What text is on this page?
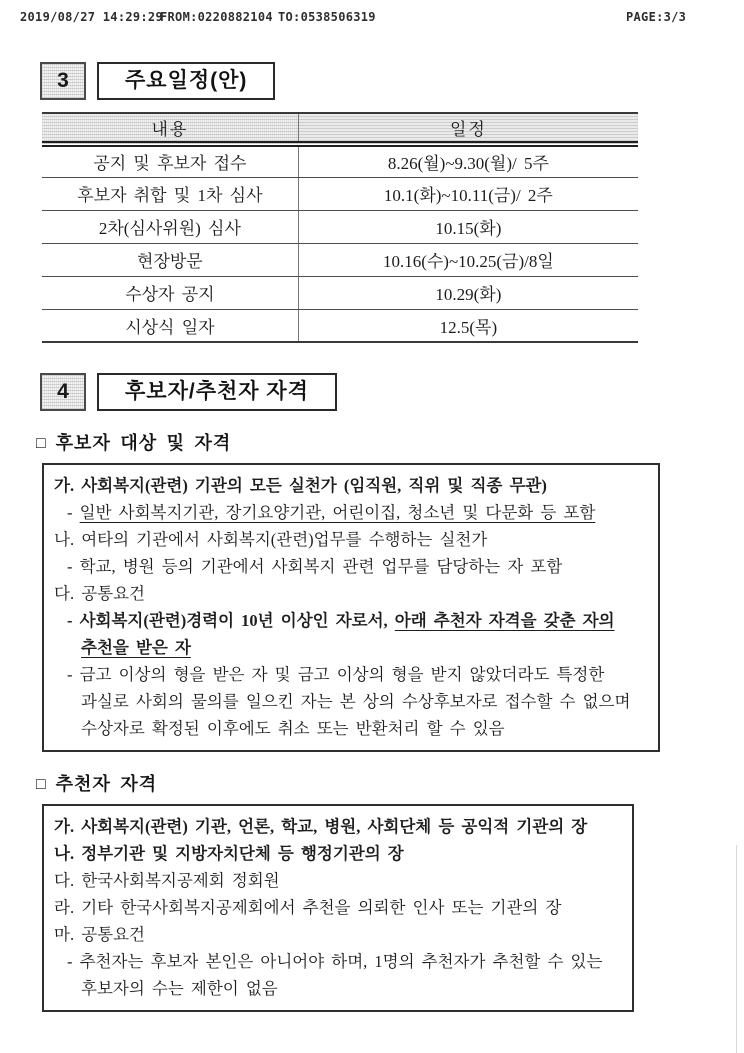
2019/08/27 14:29:29
FROM:0220882104 TO:0538506319	PAGE:3/3
3	주요일정(안)
내용	일정
공지 및 후보자 접수	8.26(월)~9.30(월)/ 5주
후보자 취합 및 1차 심사	10.1(화)~10.11(금)/ 2주
2차(심사위원) 심사	10.15(화)
현장방문	10.16(수)~10.25(금)/8일
수상자 공지	10.29(화)
시상식 일자	12.5(목)
4	후보자/추천자 자격
□ 후보자 대상 및 자격
가. 사회복지(관련) 기관의 모든 실천가 (임직원, 직위 및 직종 무관)
- 일반 사회복지기관, 장기요양기관, 어린이집, 청소년 및 다문화 등 포함
나. 여타의 기관에서 사회복지(관련)업무를 수행하는 실천가
- 학교, 병원 등의 기관에서 사회복지 관련 업무를 담당하는 자 포함
다. 공통요건
- 사회복지(관련)경력이 10년 이상인 자로서, 아래 추천자 자격을 갖춘 자의 추천을 받은 자
- 금고 이상의 형을 받은 자 및 금고 이상의 형을 받지 않았더라도 특정한 과실로 사회의 물의를 일으킨 자는 본 상의 수상후보자로 접수할 수 없으며 수상자로 확정된 이후에도 취소 또는 반환처리 할 수 있음
□ 추천자 자격
가. 사회복지(관련) 기관, 언론, 학교, 병원, 사회단체 등 공익적 기관의 장
나. 정부기관 및 지방자치단체 등 행정기관의 장
다. 한국사회복지공제회 정회원
라. 기타 한국사회복지공제회에서 추천을 의뢰한 인사 또는 기관의 장
마. 공통요건
- 추천자는 후보자 본인은 아니어야 하며, 1명의 추천자가 추천할 수 있는 후보자의 수는 제한이 없음
